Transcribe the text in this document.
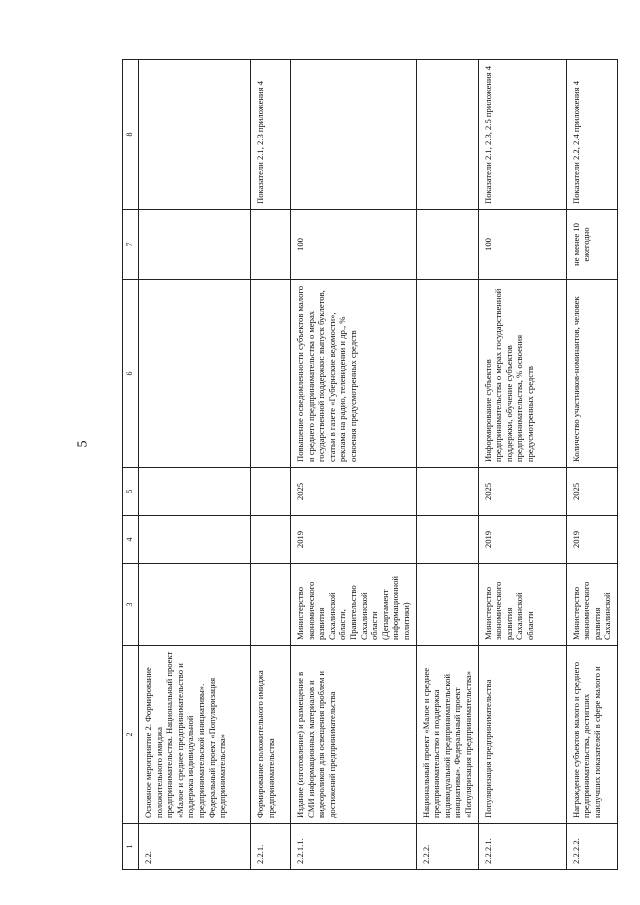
5
1	2	3	4	5	6	7	8
2.2.	Основное мероприятие 2. Формирование положительного имиджа предпринимательства. Национальный проект «Малое и среднее предпринимательство и поддержка индивидуальной предпринимательской инициативы». Федеральный проект «Популяризация предпринимательства»						
2.2.1.	Формирование положительного имиджа предпринимательства						Показатели 2.1, 2.3 приложения 4
2.2.1.1.	Издание (изготовление) и размещение в СМИ информационных материалов и видеороликов для освещения проблем и достижений предпринимательства	Министерство экономического развития Сахалинской области, Правительство Сахалинской области (Департамент информационной политики)	2019	2025	Повышение осведомленности субъектов малого и среднего предпринимательства о мерах государственной поддержки: выпуск буклетов, статьи в газете «Губернские ведомости», реклама на радио, телевидении и др., % освоения предусмотренных средств	100	
2.2.2.	Национальный проект «Малое и среднее предпринимательство и поддержка индивидуальной предпринимательской инициативы». Федеральный проект «Популяризация предпринимательства»						
2.2.2.1.	Популяризация предпринимательства	Министерство экономического развития Сахалинской области	2019	2025	Информирование субъектов предпринимательства о мерах государственной поддержки, обучение субъектов предпринимательства, % освоения предусмотренных средств	100	Показатели 2.1, 2.3, 2.5 приложения 4
2.2.2.2.	Награждение субъектов малого и среднего предпринимательства, достигших наилучших показателей в сфере малого и	Министерство экономического развития Сахалинской	2019	2025	Количество участников-номинантов, человек	не менее 10 ежегодно	Показатели 2.2, 2.4 приложения 4
